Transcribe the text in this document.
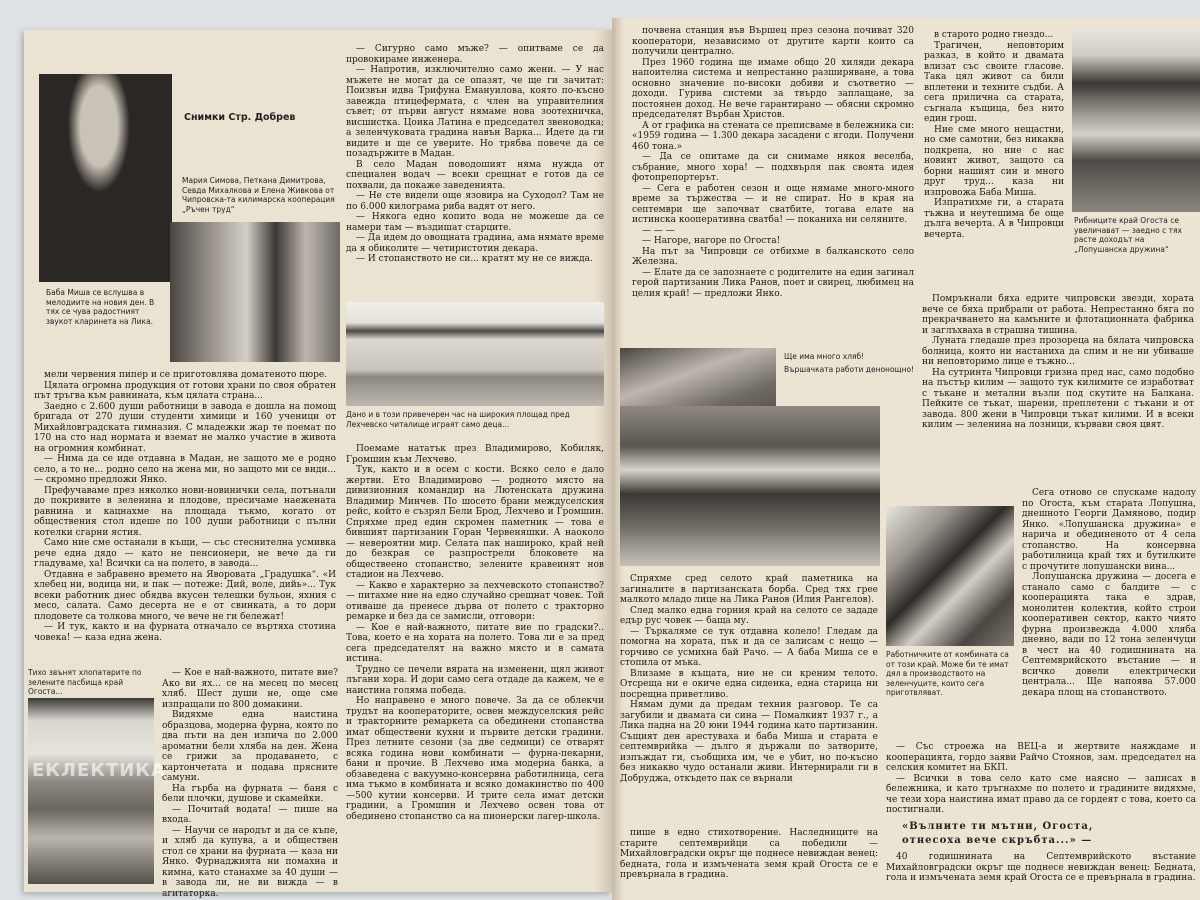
Снимки Стр. Добрев
Мария Симова, Петкана Димитрова, Севда Михалкова и Елена Живкова от Чипровска-та килимарска кооперация „Ръчен труд“
Баба Миша се вслушва в мелодиите на новия ден. В тях се чува радостният звукот кларинета на Лика.

— Сигурно само мъже? — опитваме се да провокираме инженера.

— Напротив, изключително само жени. — У нас мъжете не могат да се опазят, че ще ги зачитат: Поизвън идва Трифуна Емануилова, която по-късно завежда птицефермата, с член на управителния съвет; от първи август нямаме нова зоотехничка, висшистка. Цоика Латина е председател звеноводка; а зеленчуковата градина навън Варка... Идете да ги видите и ще се уверите. Но трябва повече да се позадържите в Мадан.

В село Мадан поводошият няма нужда от специален водач — всеки срещнат е готов да се похвали, да покаже заведенията.

— Не сте видели още язовира на Суходол? Там не по 6.000 килограма риба вадят от него.

— Някога едно копито вода не можеше да се намери там — въздишат старците.

— Да идем до овощната градина, ама нямате време да я обиколите — четиристотин декара.

— И стопанството не си... кратят му не се вижда.

Дано и в този привечерен час на широкия площад пред Лехчевско читалище играят само деца...

мели червения пипер и се приготовлява доматеното пюре.

Цялата огромна продукция от готови храни по своя обратен път тръгва към равнината, към цялата страна...

Заедно с 2.600 души работници в завода е дошла на помощ бригада от 270 души студенти химици и 160 ученици от Михайловградската гимназия. С младежки жар те поемат по 170 на сто над нормата и вземат не малко участие в живота на огромния комбинат.

— Нима да се иде отдавна в Мадан, не защото ме е родно село, а то не... родно село на жена ми, но защото ми се види... — скромно предложи Янко.

Префучаваме през няколко нови-новинички села, потънали до покривите в зеленина и плодове, пресичаме наежената равнина и кацнахме на площада тъкмо, когато от обществения стол идеше по 100 души работници с пълни котелки сгарни ястия.

Само ние сме останали в къщи, — със стеснителна усмивка рече една дядо — като не пенсионери, не вече да ги гладуваме, ха! Всички са на полето, в завода...

Отдавна е забравено времето на Яворовата „Градушка“. «И хлебец ни, водица ни, и пак — потеже: Дий, воле, дийь»... Тук всеки работник днес обядва вкусен телешки бульон, яхния с месо, салата. Само десертa не е от свинкатa, а то дори плодовете са толкова много, че вече не ги бележат!

— И тук, както и на фурната отначало се въртяха стотина човека! — каза една жена.

Тихо звънят хлопатарите по зелените пасбища край Огоста...

— Кое е най-важното, питате вие? Ако ви ях... се на месец по месец хляб. Шест души не, още сме изпращали по 800 домакини.

Видяхме една наистина образцова, модерна фурна, която по два пъти на ден изпича по 2.000 аромaтни бели хляба на ден. Жена се грижи за продаването, с картончетата и подава прясните самуни.

На гърба на фурната — баня с бели плочки, душове и скамейки.

— Почитай водата! — пише на входа.

— Научи се народът и да се къпе, и хляб да купува, а и обществен стол се храни на фурната — каза ни Янко. Фурнаджията ни помахна и кимна, като станахме за 40 души — в завода ли, не ви вижда — в агитаторка.

Поемаме нататък през Владимирово, Кобиляк, Громшин към Лехчево.

Тук, както и в осем с кости. Всяко село е дало жертви. Ето Владимирово — родното място на дивизионния командир на Лютенската дружина Владимир Минчев. По шосето брани междуселския рейс, който е съзрял Бели Брод, Лехчево и Громшин. Спряхме пред един скромен паметник — това е бившият партизанин Горан Червеняшки. А наоколо — невероятни мир. Селата пак нашироко, край ней до безкрая се разпрострели блоковете на обществеено стопанство, зелените кравеинят нов стадион на Лехчево.

— Какво е характерно за лехчевското стопанство? — питахме ние на едно случайно срещнат човек. Той отиваше да пренесе дърва от полето с тракторно ремарке и без да се замисли, отговори:

— Кое е най-важното, питате вие по градски?.. Това, което е на хората на полето. Това ли е за пред сега председателят на важно място и в самата истина.

Трудно се печели вярата на изменени, щял живот лъгани хора. И дори само сега отдаде да кажем, че е наистина голяма победа.

Но направено е много повече. За да се облекчи трудът на кооператорите, освен междуселския рейс и тракторните ремаркета са обединени стопанства имат обществени кухни и първите детски градини. През летните сезони (за две седмици) се отварят всяка година нови комбинати — фурна-пекарни, бани и прочие. В Лехчево има модерна банка, а обзаведена с вакуумно-консервна работилница, сега има тъкмо в комбината и всяко домакинство по 400—500 кутии консерви. И трите села имат детски градини, а Громшин и Лехчево освен това от обединено стопанство са на пионерски лагер-школа.

почвена станция във Вършец през сезона почиват 320 кооператори, независимо от другите карти които са получили централно.

През 1960 година ще имаме общо 20 хиляди декара напоителна система и непрестанно разширяване, а това основно значение по-високи добиви и съответно — доходи. Гурива системи за твърдо заплащане, за постоянен доход. Не вече гарантирано — обясни скромно председателят Върбан Христов.

А от графика на стената се преписваме в бележника си: «1959 година — 1.300 декара засадени с ягоди. Получени 460 тона.»

— Да се опитаме да си снимаме някоя веселба, събрание, много хора! — подхвърля пак своята идея фотопрепортерът.

— Сега е работен сезон и още нямаме много-много време за тържества — и не спират. Но в края на септември ще започват сватбите, тогава елате на истинска кооперативна сватба! — поканиха ни селяните.

— — —

— Нагоре, нагоре по Огоста!

На път за Чипровци се отбихме в балканското село Железна.

— Елате да се запознаете с родителите на един загинал герой партизанин Лика Ранов, поет и свирец, любимец на целия край! — предложи Янко.

в старото родно гнездо...

Трагичен, неповторим разказ, в който и двамата влизат със своите гласове. Така цял живот са били вплетени и техните съдби. А сега прилична са старата, съгнала къщица, без нито един грош.

Ние сме много нещастни, но сме самотни, без никаква подкрепа, но ние с нас новият живот, защото са борни нашият син и много друг труд... каза ни изпровожа Баба Миша.

Изпратихме ги, а старата тъжна и неутешима бе още дълга вечерта. А в Чипровци вечерта.

Рибниците край Огоста се увеличават — заедно с тях расте доходът на „Лопушанска дружина“

Помръкнали бяха едрите чипровски звезди, хората вече се бяха прибрали от работа. Непрестанно бяга по прекрачването на камъните и флотационната фабрика и заглъхваха в страшна тишина.

Луната гледаше през прозореца на бялата чипровска болница, която ни настаниха да спим и не ни убиваше ни неповторимо лице е тъжно...

На сутринта Чипровци гризна пред нас, само подобно на пъстър килим — защото тук килимите се изработват с тъкане и метални възли под скутите на Балкана. Пейките се тъкат, шарени, преплетени с тъкани и от завода. 800 жени в Чипровци тъкат килими. И в всеки килим — зеленина на лозници, кървави своя цвят.

Ще има много хляб!
Вършачката работи денонощно!
Работничките от комбината са от този край. Може би те имат дял в производството на зеленчуците, които сега приготвляват.

Сега отново се спускаме надолу по Огоста, към старата Лопушна, днешното Георги Дамяново, подир Янко. «Лопушанска дружина» е нарича и обединеното от 4 села стопанство. На консервна работилница край тях и бутилките с прочутите лопушански вина...

Лопушанска дружина — досега е станало само с балдите — с кооперацията така е здрав, монолитен колектив, който строи кооперативен сектор, както чиято фурна произвежда 4.000 хляба дневно, вади по 12 тона зеленчуци в чест на 40 годишнината на Септемврийското въстание — и всичко довели електрически централа... Ще напоява 57.000 декара площ на стопанството.

— Със строежа на ВЕЦ-а и жертвите наяждаме и кооперацията, гордо заяви Райчо Стоянов, зам. председател на селския комитет на БКП.

— Всички в това село като сме наясно — записах в бележника, и като тръгнахме по полето и градините видяхме, че тези хора наистина имат право да се гордеят с това, което са постигнали.

Спряхме сред селото край паметника на загиналите в партизанската борба. Сред тях грее малкото младо лице на Лика Ранов (Илия Рангелов).

След малко една горния край на селото се зададе едър рус човек — баща му.

— Търкаляме се тук отдавна колело! Гледам да помогна на хората, пък и да се залисам с нещо — горчиво се усмихна бай Рачо. — А баба Миша се е стопила от мъка.

Влизаме в къщата, ние не си креним телото. Отсреща ни е окиче една сиденка, една старица ни посрещна приветливо.

Нямам думи да предам техния разговор. Те са загубили и двамата си сина — Помалкият 1937 г., а Лика падна на 20 юни 1944 година като партизанин. Същият ден арестуваха и баба Миша и старата е септемврийка — дълго я държали по затворите, изпъждат ги, съобщиха им, че е убит, но по-късно без никакво чудо останали живи. Интернирали ги в Добруджа, откъдето пак се върнали

«Вълните ти мътни, Огоста,
отнесоха вече скръбта...» —

пише в едно стихотворение. Наследниците на старите септемврийци са победили — Михайловградски окръг ще поднесе невиждан венец: бедната, гола и измъчената земя край Огоста се е превърнала в градина.

40 годишнината на Септемврийското въстание Михайловградски окръг ще поднесе невиждан венец: Бедната, гола и измъчената земя край Огоста се е превърнала в градина.

ЕКЛЕКТИКА
